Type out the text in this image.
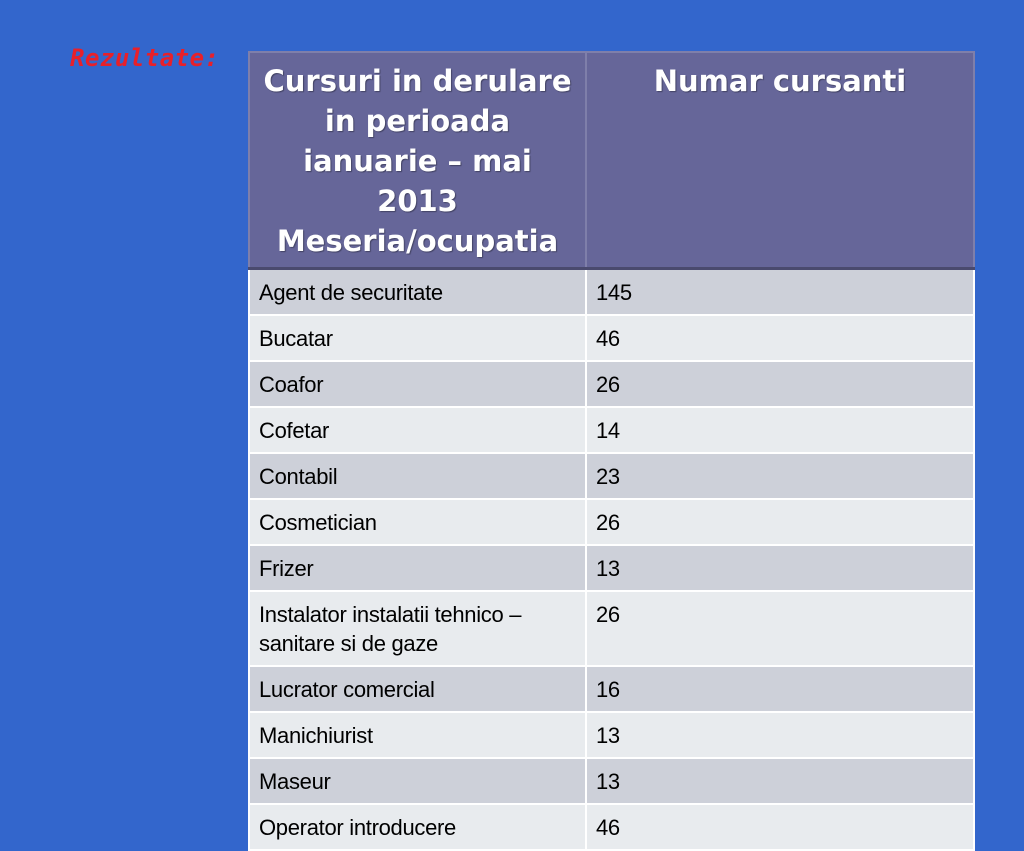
Rezultate:
Cursuri in derulare in perioada ianuarie – mai 2013 Meseria/ocupatia	Numar cursanti

Agent de securitate	145
Bucatar	46
Coafor	26
Cofetar	14
Contabil	23
Cosmetician	26
Frizer	13
Instalator instalatii tehnico – sanitare si de gaze	26
Lucrator comercial	16
Manichiurist	13
Maseur	13
Operator introducere	46
